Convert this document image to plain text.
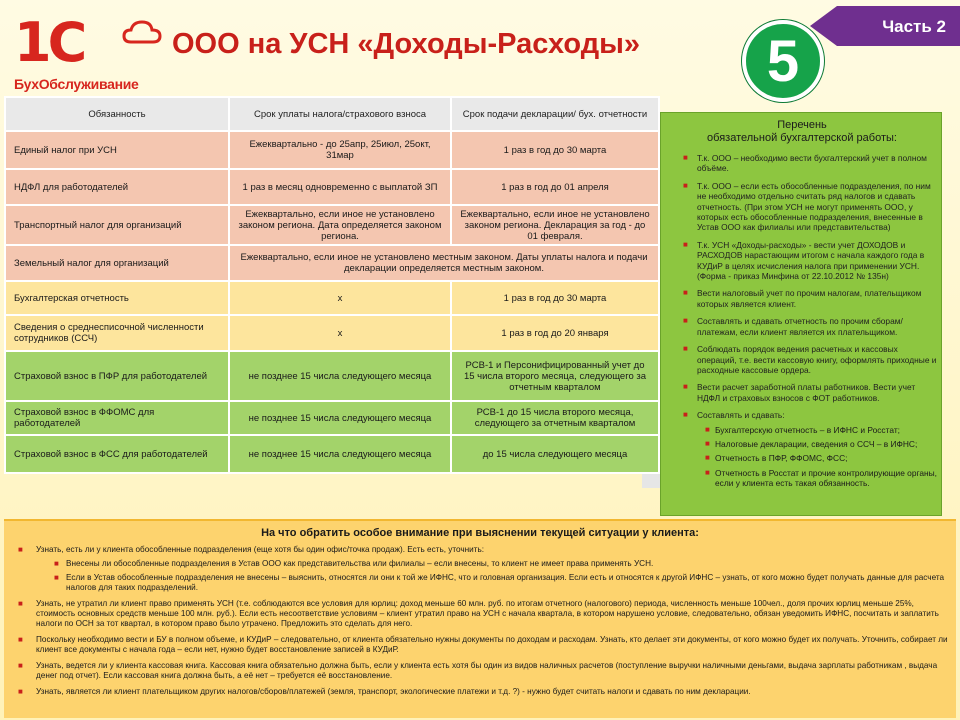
1С
БухОбслуживание
ООО на УСН «Доходы-Расходы»
Часть 2
5
Обязанность	Срок уплаты налога/страхового взноса	Срок подачи декларации/ бух. отчетности
Единый налог при УСН	Ежеквартально - до 25апр, 25июл, 25окт, 31мар	1 раз в год до 30 марта
НДФЛ для работодателей	1 раз в месяц одновременно с выплатой ЗП	1 раз в год до 01 апреля
Транспортный налог для организаций	Ежеквартально, если иное не установлено законом региона. Дата определяется законом региона.	Ежеквартально, если иное не установлено законом региона. Декларация за год - до 01 февраля.
Земельный налог для организаций	Ежеквартально, если иное не установлено местным законом. Даты уплаты налога и подачи декларации определяется местным законом.	
Бухгалтерская отчетность	х	1 раз в год до 30 марта
Сведения о среднесписочной численности сотрудников (ССЧ)	х	1 раз в год до 20 января
Страховой взнос в ПФР для работодателей	не позднее 15 числа следующего месяца	РСВ-1 и Персонифицированный учет до 15 числа второго месяца, следующего за отчетным кварталом
Страховой взнос в ФФОМС для работодателей	не позднее 15 числа следующего месяца	РСВ-1 до 15 числа второго месяца, следующего за отчетным кварталом
Страховой взнос в ФСС для работодателей	не позднее 15 числа следующего месяца	до 15 числа следующего месяца
Перечень
обязательной бухгалтерской работы:
■ Т.к. ООО – необходимо вести бухгалтерский учет в полном объёме.
■ Т.к. ООО – если есть обособленные подразделения, по ним не необходимо отдельно считать ряд налогов и сдавать отчетность. (При этом УСН не могут применять ООО, у которых есть обособленные подразделения, внесенные в Устав ООО как филиалы или представительства)
■ Т.к. УСН «Доходы-расходы» - вести учет ДОХОДОВ и РАСХОДОВ нарастающим итогом с начала каждого года в КУДиР в целях исчисления налога при применении УСН. (Форма - приказ Минфина от 22.10.2012 № 135н)
■ Вести налоговый учет по прочим налогам, плательщиком которых является клиент.
■ Составлять и сдавать отчетность по прочим сборам/платежам, если клиент является их плательщиком.
■ Соблюдать порядок ведения расчетных и кассовых операций, т.е. вести кассовую книгу, оформлять приходные и расходные кассовые ордера.
■ Вести расчет заработной платы работников. Вести учет НДФЛ и страховых взносов с ФОТ работников.
■ Составлять и сдавать:
■ Бухгалтерскую отчетность – в ИФНС и Росстат;
■ Налоговые декларации, сведения о ССЧ – в ИФНС;
■ Отчетность в ПФР, ФФОМС, ФСС;
■ Отчетность в Росстат и прочие контролирующие органы, если у клиента есть такая обязанность.
На что обратить особое внимание при выяснении текущей ситуации у клиента:
■ Узнать, есть ли у клиента обособленные подразделения (еще хотя бы один офис/точка продаж). Есть есть, уточнить:
■ Внесены ли обособленные подразделения в Устав ООО как представительства или филиалы – если внесены, то клиент не имеет права применять УСН.
■ Если в Устав обособленные подразделения не внесены – выяснить, относятся ли они к той же ИФНС, что и головная организация. Если есть и относятся к другой ИФНС – узнать, от кого можно будет получать данные для расчета налогов для таких подразделений.
■ Узнать, не утратил ли клиент право применять УСН (т.е. соблюдаются все условия для юрлиц: доход меньше 60 млн. руб. по итогам отчетного (налогового) периода, численность меньше 100чел., доля прочих юрлиц меньше 25%, стоимость основных средств меньше 100 млн. руб.). Если есть несоответствие условиям – клиент утратил право на УСН с начала квартала, в котором нарушено условие, следовательно, обязан уведомить ИФНС, посчитать и заплатить налоги по ОСН за тот квартал, в котором право было утрачено. Предложить это сделать для него.
■ Поскольку необходимо вести и БУ в полном объеме, и КУДиР – следовательно, от клиента обязательно нужны документы по доходам и расходам. Узнать, кто делает эти документы, от кого можно будет их получать. Уточнить, собирает ли клиент все документы с начала года – если нет, нужно будет восстановление записей в КУДиР.
■ Узнать, ведется ли у клиента кассовая книга. Кассовая книга обязательно должна быть, если у клиента есть хотя бы один из видов наличных расчетов (поступление выручки наличными деньгами, выдача зарплаты работникам , выдача денег под отчет). Если кассовая книга должна быть, а её нет – требуется её восстановление.
■ Узнать, является ли клиент плательщиком других налогов/сборов/платежей (земля, транспорт, экологические платежи и т.д. ?) - нужно будет считать налоги и сдавать по ним декларации.
